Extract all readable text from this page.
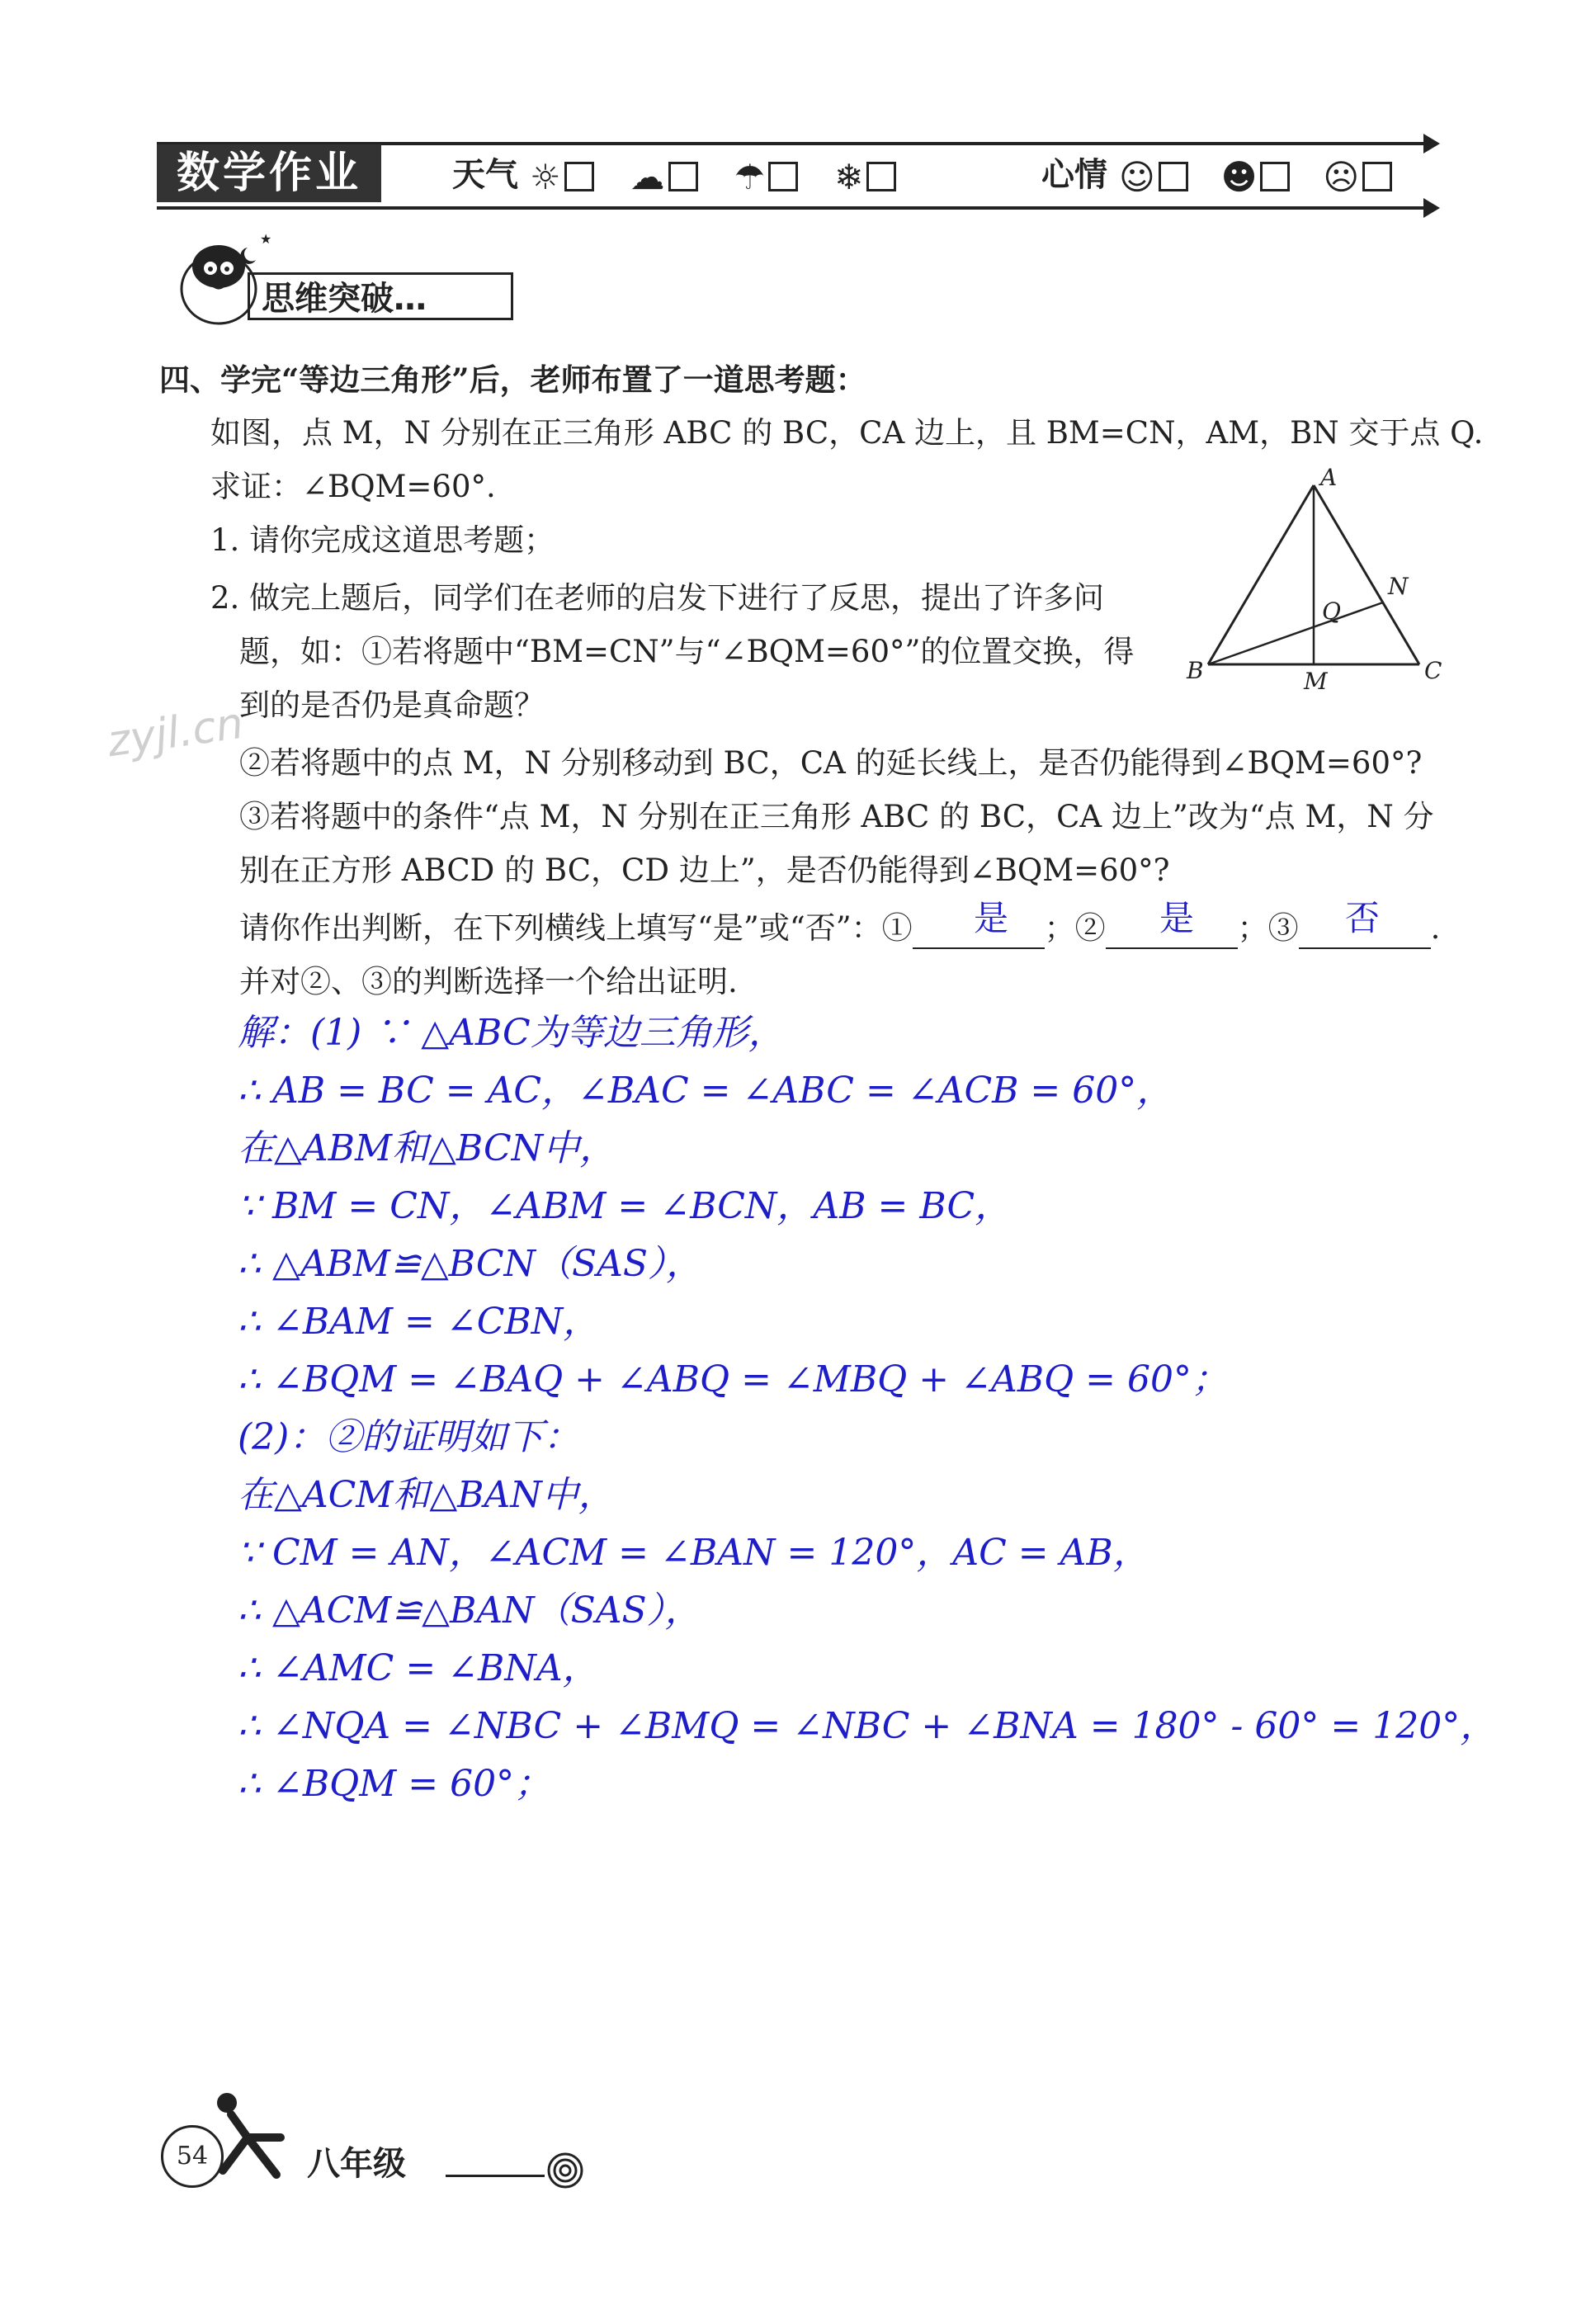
数学作业	天气 ☼ ☁ ☂ ❄	心情 ☺ ☻ ☹
★
思维突破…
四、学完“等边三角形”后，老师布置了一道思考题：
如图，点 M，N 分别在正三角形 ABC 的 BC，CA 边上，且 BM=CN，AM，BN 交于点 Q.
求证：∠BQM=60°.
1. 请你完成这道思考题；
2. 做完上题后，同学们在老师的启发下进行了反思，提出了许多问
题，如：①若将题中“BM=CN”与“∠BQM=60°”的位置交换，得
到的是否仍是真命题？
②若将题中的点 M，N 分别移动到 BC，CA 的延长线上，是否仍能得到∠BQM=60°?
③若将题中的条件“点 M，N 分别在正三角形 ABC 的 BC，CA 边上”改为“点 M，N 分
别在正方形 ABCD 的 BC，CD 边上”，是否仍能得到∠BQM=60°?
请你作出判断，在下列横线上填写“是”或“否”：①	；②	；③	.
是	是	否
并对②、③的判断选择一个给出证明.
A
B	C
M
N
Q
zyjl.cn
解：(1) ∵ △ABC为等边三角形，
∴ AB = BC = AC，∠BAC = ∠ABC = ∠ACB = 60°，
在△ABM和△BCN中，
∵ BM = CN，∠ABM = ∠BCN，AB = BC，
∴ △ABM≌△BCN（SAS），
∴ ∠BAM = ∠CBN，
∴ ∠BQM = ∠BAQ + ∠ABQ = ∠MBQ + ∠ABQ = 60°；
(2)：②的证明如下：
在△ACM和△BAN中，
∵ CM = AN，∠ACM = ∠BAN = 120°，AC = AB，
∴ △ACM≌△BAN（SAS），
∴ ∠AMC = ∠BNA，
∴ ∠NQA = ∠NBC + ∠BMQ = ∠NBC + ∠BNA = 180° - 60° = 120°，
∴ ∠BQM = 60°；
54	八年级
